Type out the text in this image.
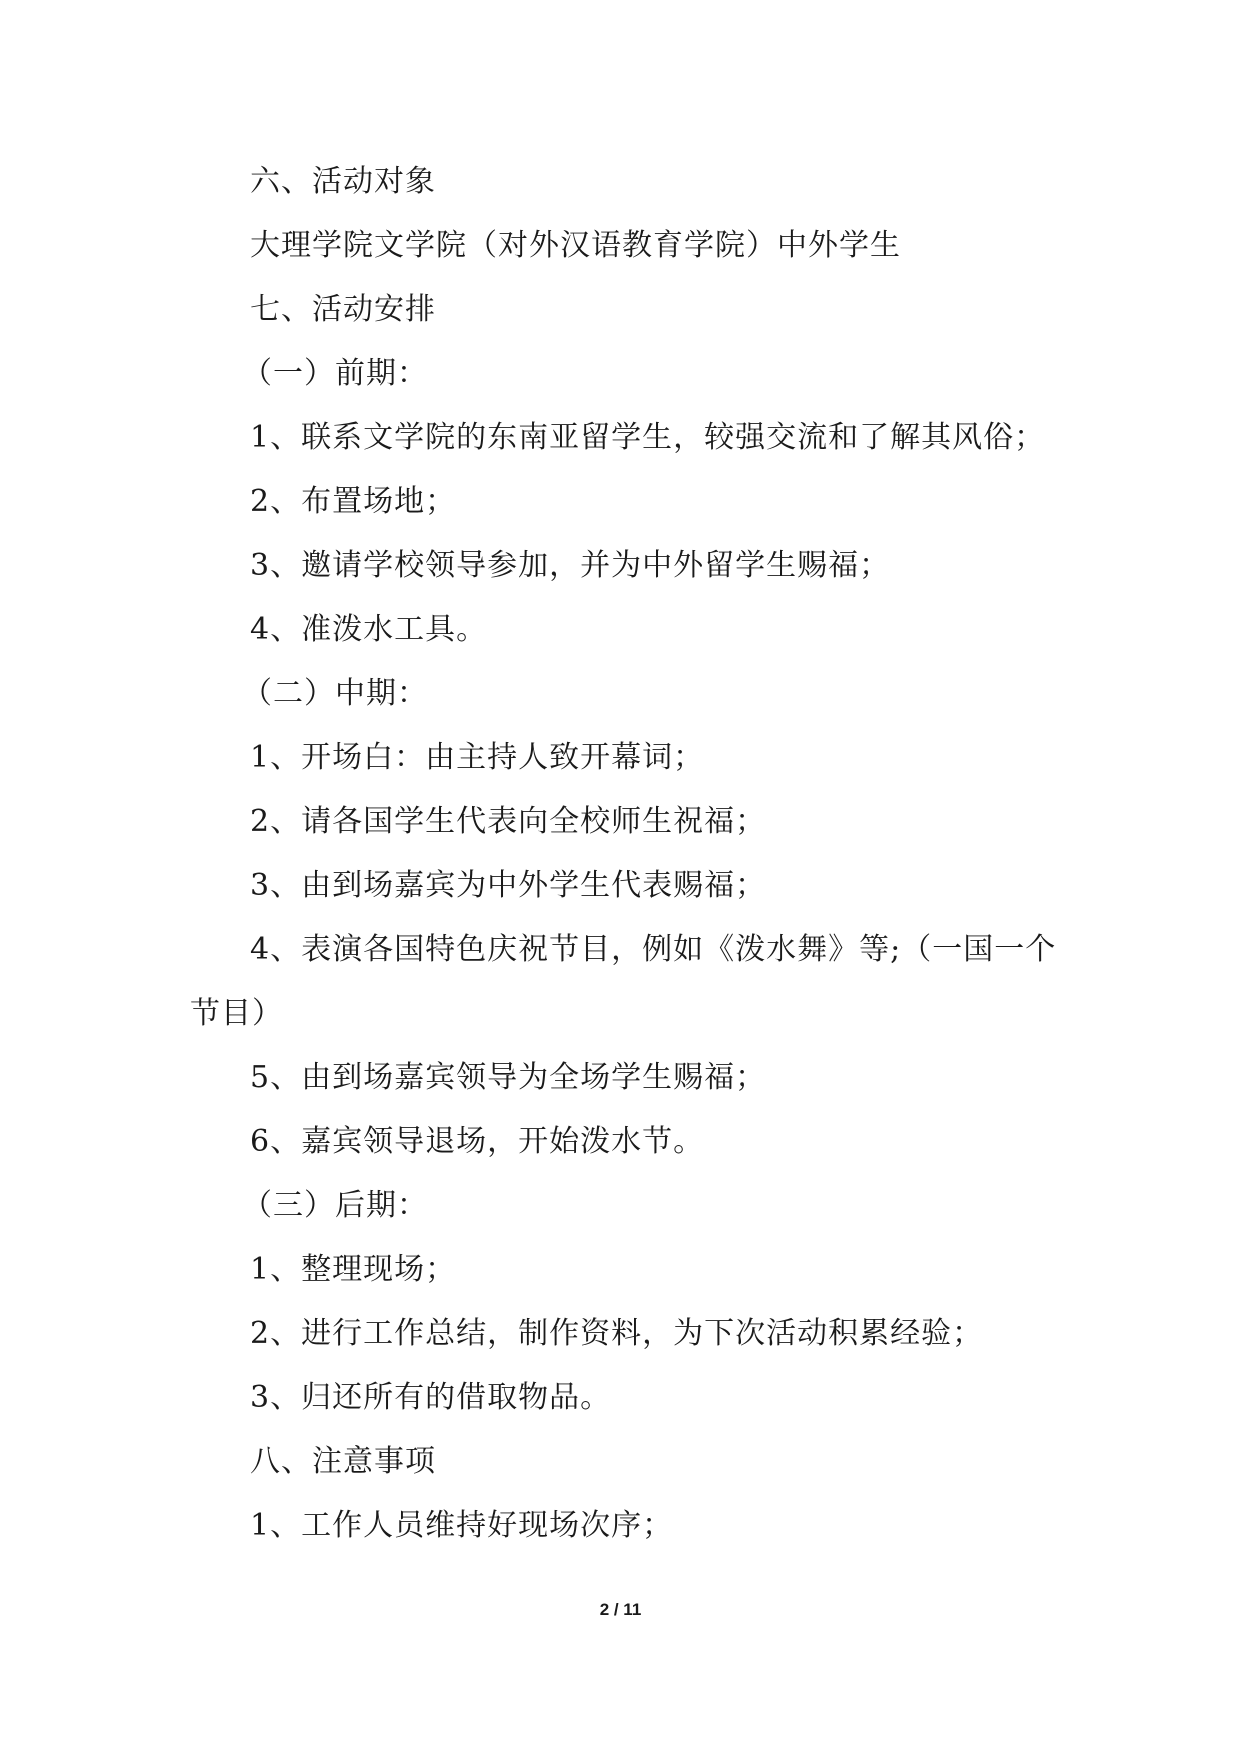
六、活动对象
大理学院文学院（对外汉语教育学院）中外学生
七、活动安排
（一）前期：
1、联系文学院的东南亚留学生，较强交流和了解其风俗；
2、布置场地；
3、邀请学校领导参加，并为中外留学生赐福；
4、准泼水工具。
（二）中期：
1、开场白：由主持人致开幕词；
2、请各国学生代表向全校师生祝福；
3、由到场嘉宾为中外学生代表赐福；
4、表演各国特色庆祝节目，例如《泼水舞》等;（一国一个
节目）
5、由到场嘉宾领导为全场学生赐福；
6、嘉宾领导退场，开始泼水节。
（三）后期：
1、整理现场；
2、进行工作总结，制作资料，为下次活动积累经验；
3、归还所有的借取物品。
八、注意事项
1、工作人员维持好现场次序；
2 / 11
